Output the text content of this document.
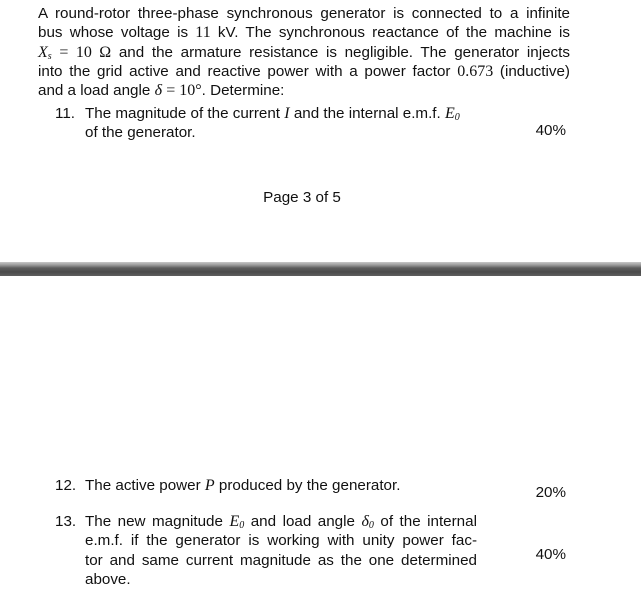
A round-rotor three-phase synchronous generator is connected to a infinite
bus whose voltage is 11 kV. The synchronous reactance of the machine is
$X_s = 10$ Ω and the armature resistance is negligible. The generator injects
into the grid active and reactive power with a power factor 0.673 (inductive)
and a load angle δ = 10°. Determine:
11. The magnitude of the current I and the internal e.m.f. $E_0$
of the generator.	40%
Page 3 of 5
12. The active power P produced by the generator.	20%
13. The new magnitude $E_0$ and load angle $\delta_0$ of the internal
e.m.f. if the generator is working with unity power fac-
tor and same current magnitude as the one determined
above.
40%
